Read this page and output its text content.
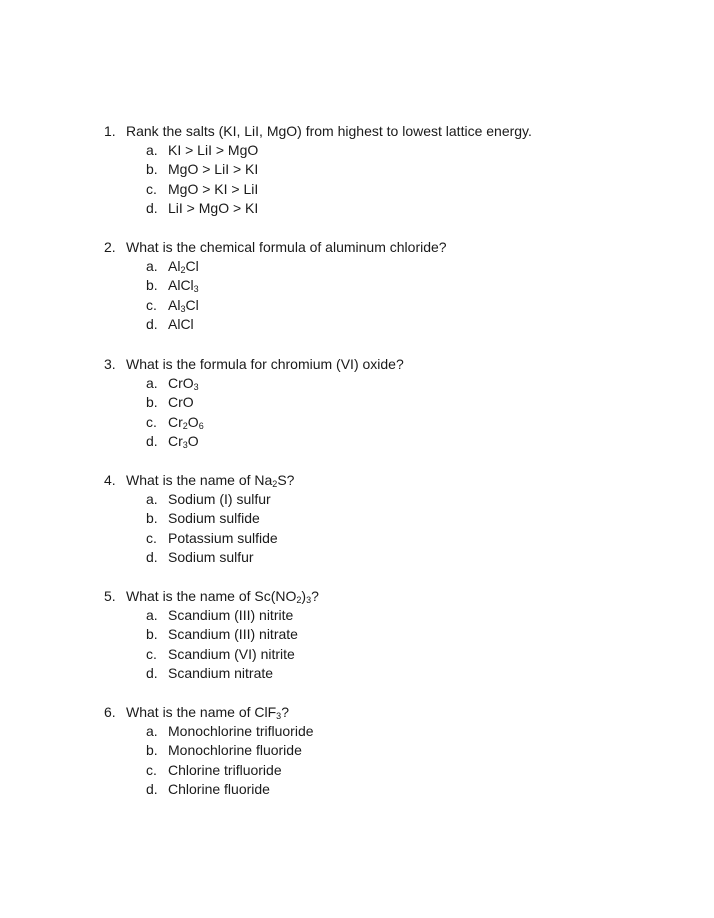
1. Rank the salts (KI, LiI, MgO) from highest to lowest lattice energy.
a. KI > LiI > MgO
b. MgO > LiI > KI
c. MgO > KI > LiI
d. LiI > MgO > KI
2. What is the chemical formula of aluminum chloride?
a. $Al_2Cl$
b. AlCl$_3$
c. $Al_3Cl$
d. AlCl
3. What is the formula for chromium (VI) oxide?
a. CrO$_3$
b. CrO
c. $Cr_2O_6$
d. $Cr_3O$
4. What is the name of $Na_2S$?
a. Sodium (I) sulfur
b. Sodium sulfide
c. Potassium sulfide
d. Sodium sulfur
5. What is the name of $Sc(NO_2)_3$?
a. Scandium (III) nitrite
b. Scandium (III) nitrate
c. Scandium (VI) nitrite
d. Scandium nitrate
6. What is the name of ClF$_3$?
a. Monochlorine trifluoride
b. Monochlorine fluoride
c. Chlorine trifluoride
d. Chlorine fluoride
